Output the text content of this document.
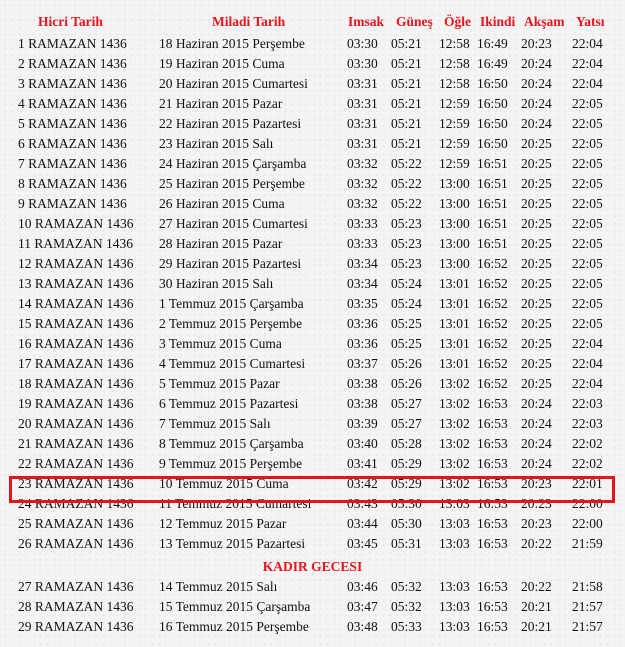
Hicri Tarih	Miladi Tarih	Imsak Güneş Öğle Ikindi Akşam Yatsı
1 RAMAZAN 1436 18 Haziran 2015 Perşembe	03:30 05:21 12:58 16:49 20:23 22:04
2 RAMAZAN 1436 19 Haziran 2015 Cuma	03:30 05:21 12:58 16:49 20:24 22:04
3 RAMAZAN 1436 20 Haziran 2015 Cumartesi	03:31 05:21 12:58 16:50 20:24 22:04
4 RAMAZAN 1436 21 Haziran 2015 Pazar	03:31 05:21 12:59 16:50 20:24 22:05
5 RAMAZAN 1436 22 Haziran 2015 Pazartesi	03:31 05:21 12:59 16:50 20:24 22:05
6 RAMAZAN 1436 23 Haziran 2015 Salı	03:31 05:21 12:59 16:50 20:25 22:05
7 RAMAZAN 1436 24 Haziran 2015 Çarşamba	03:32 05:22 12:59 16:51 20:25 22:05
8 RAMAZAN 1436 25 Haziran 2015 Perşembe	03:32 05:22 13:00 16:51 20:25 22:05
9 RAMAZAN 1436 26 Haziran 2015 Cuma	03:32 05:22 13:00 16:51 20:25 22:05
10 RAMAZAN 1436 27 Haziran 2015 Cumartesi	03:33 05:23 13:00 16:51 20:25 22:05
11 RAMAZAN 1436 28 Haziran 2015 Pazar	03:33 05:23 13:00 16:51 20:25 22:05
12 RAMAZAN 1436 29 Haziran 2015 Pazartesi	03:34 05:23 13:00 16:52 20:25 22:05
13 RAMAZAN 1436 30 Haziran 2015 Salı	03:34 05:24 13:01 16:52 20:25 22:05
14 RAMAZAN 1436 1 Temmuz 2015 Çarşamba	03:35 05:24 13:01 16:52 20:25 22:05
15 RAMAZAN 1436 2 Temmuz 2015 Perşembe	03:36 05:25 13:01 16:52 20:25 22:05
16 RAMAZAN 1436 3 Temmuz 2015 Cuma	03:36 05:25 13:01 16:52 20:25 22:04
17 RAMAZAN 1436 4 Temmuz 2015 Cumartesi	03:37 05:26 13:01 16:52 20:25 22:04
18 RAMAZAN 1436 5 Temmuz 2015 Pazar	03:38 05:26 13:02 16:52 20:25 22:04
19 RAMAZAN 1436 6 Temmuz 2015 Pazartesi	03:38 05:27 13:02 16:53 20:24 22:03
20 RAMAZAN 1436 7 Temmuz 2015 Salı	03:39 05:27 13:02 16:53 20:24 22:03
21 RAMAZAN 1436 8 Temmuz 2015 Çarşamba	03:40 05:28 13:02 16:53 20:24 22:02
22 RAMAZAN 1436 9 Temmuz 2015 Perşembe	03:41 05:29 13:02 16:53 20:24 22:02
23 RAMAZAN 1436 10 Temmuz 2015 Cuma	03:42 05:29 13:02 16:53 20:23 22:01
24 RAMAZAN 1436 11 Temmuz 2015 Cumartesi	03:43 05:30 13:03 16:53 20:23 22:00
25 RAMAZAN 1436 12 Temmuz 2015 Pazar	03:44 05:30 13:03 16:53 20:23 22:00
26 RAMAZAN 1436 13 Temmuz 2015 Pazartesi	03:45 05:31 13:03 16:53 20:22 21:59
KADIR GECESI
27 RAMAZAN 1436 14 Temmuz 2015 Salı	03:46 05:32 13:03 16:53 20:22 21:58
28 RAMAZAN 1436 15 Temmuz 2015 Çarşamba	03:47 05:32 13:03 16:53 20:21 21:57
29 RAMAZAN 1436 16 Temmuz 2015 Perşembe	03:48 05:33 13:03 16:53 20:21 21:57
